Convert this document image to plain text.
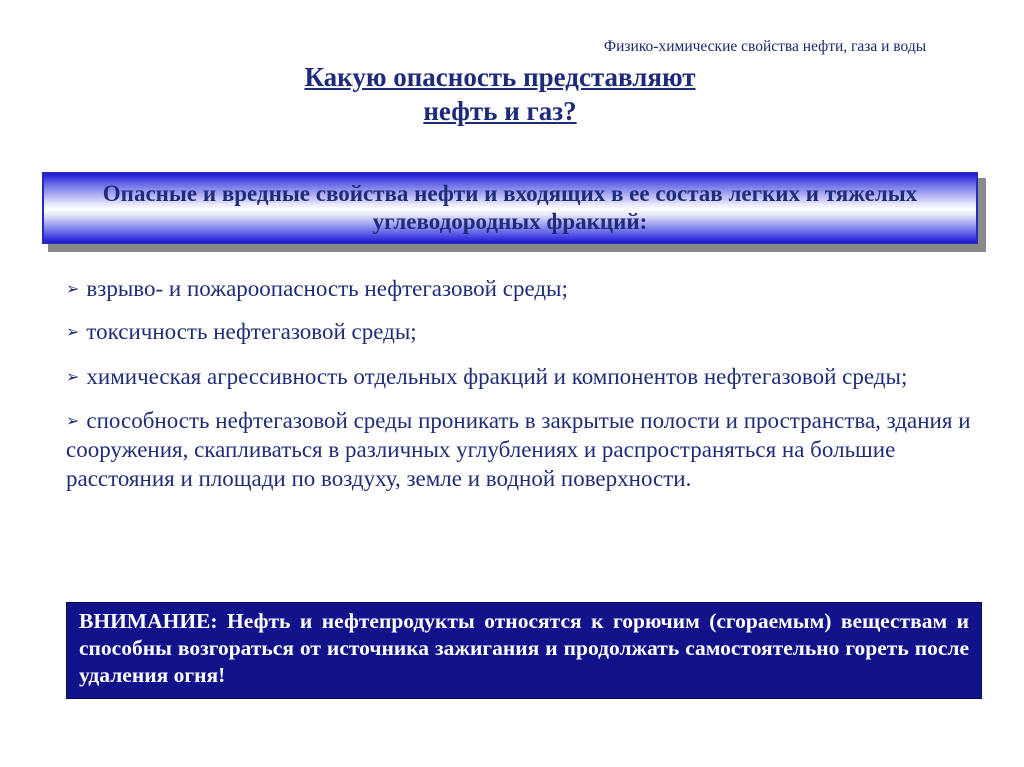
Физико-химические свойства нефти, газа и воды
Какую опасность представляют нефть и газ?
Опасные и вредные свойства нефти и входящих в ее состав легких и тяжелых углеводородных фракций:
➢ взрыво- и пожароопасность нефтегазовой среды;
➢ токсичность нефтегазовой среды;
➢ химическая агрессивность отдельных фракций и компонентов нефтегазовой среды;
➢ способность нефтегазовой среды проникать в закрытые полости и пространства, здания и сооружения, скапливаться в различных углублениях и распространяться на большие расстояния и площади по воздуху, земле и водной поверхности.
ВНИМАНИЕ: Нефть и нефтепродукты относятся к горючим (сгораемым) веществам и способны возгораться от источника зажигания и продолжать самостоятельно гореть после удаления огня!
